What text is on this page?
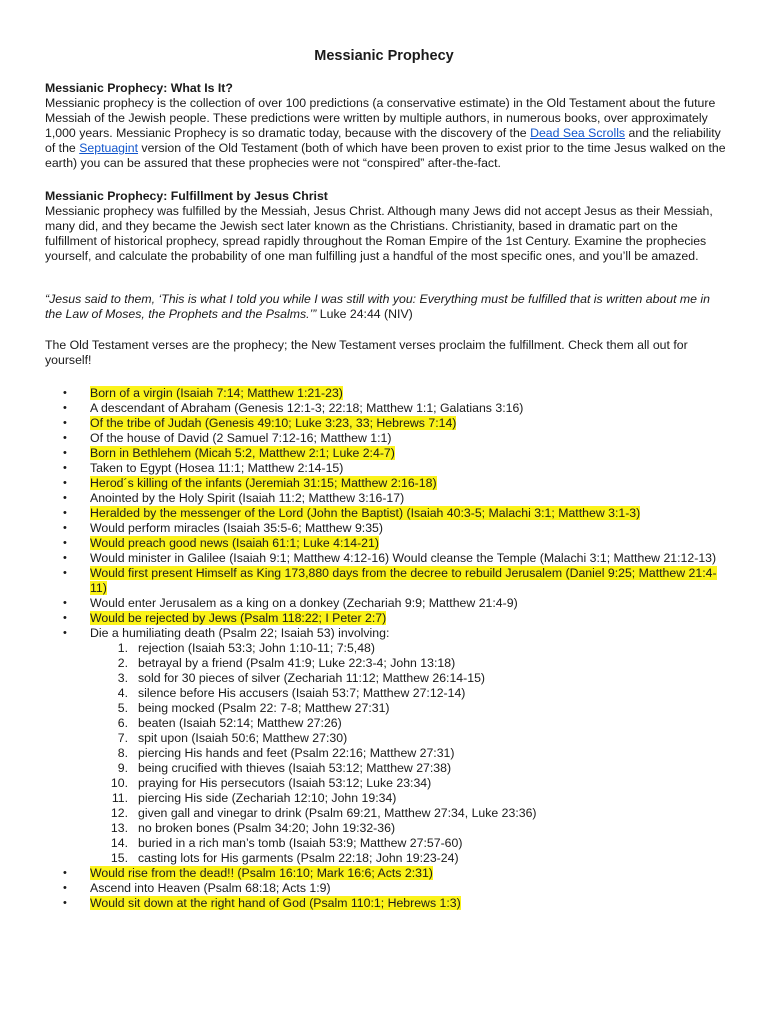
Messianic Prophecy
Messianic Prophecy: What Is It?

Messianic prophecy is the collection of over 100 predictions (a conservative estimate) in the Old Testament about the future Messiah of the Jewish people. These predictions were written by multiple authors, in numerous books, over approximately 1,000 years. Messianic Prophecy is so dramatic today, because with the discovery of the Dead Sea Scrolls and the reliability of the Septuagint version of the Old Testament (both of which have been proven to exist prior to the time Jesus walked on the earth) you can be assured that these prophecies were not “conspired” after-the-fact.

Messianic Prophecy: Fulfillment by Jesus Christ

Messianic prophecy was fulfilled by the Messiah, Jesus Christ. Although many Jews did not accept Jesus as their Messiah, many did, and they became the Jewish sect later known as the Christians. Christianity, based in dramatic part on the fulfillment of historical prophecy, spread rapidly throughout the Roman Empire of the 1st Century. Examine the prophecies yourself, and calculate the probability of one man fulfilling just a handful of the most specific ones, and you’ll be amazed.

“Jesus said to them, ‘This is what I told you while I was still with you: Everything must be fulfilled that is written about me in the Law of Moses, the Prophets and the Psalms.’” Luke 24:44 (NIV)

The Old Testament verses are the prophecy; the New Testament verses proclaim the fulfillment. Check them all out for yourself!

• Born of a virgin (Isaiah 7:14; Matthew 1:21-23)
• A descendant of Abraham (Genesis 12:1-3; 22:18; Matthew 1:1; Galatians 3:16)
• Of the tribe of Judah (Genesis 49:10; Luke 3:23, 33; Hebrews 7:14)
• Of the house of David (2 Samuel 7:12-16; Matthew 1:1)
• Born in Bethlehem (Micah 5:2, Matthew 2:1; Luke 2:4-7)
• Taken to Egypt (Hosea 11:1; Matthew 2:14-15)
• Herod´s killing of the infants (Jeremiah 31:15; Matthew 2:16-18)
• Anointed by the Holy Spirit (Isaiah 11:2; Matthew 3:16-17)
• Heralded by the messenger of the Lord (John the Baptist) (Isaiah 40:3-5; Malachi 3:1; Matthew 3:1-3)
• Would perform miracles (Isaiah 35:5-6; Matthew 9:35)
• Would preach good news (Isaiah 61:1; Luke 4:14-21)
• Would minister in Galilee (Isaiah 9:1; Matthew 4:12-16) Would cleanse the Temple (Malachi 3:1; Matthew 21:12-13)
• Would first present Himself as King 173,880 days from the decree to rebuild Jerusalem (Daniel 9:25; Matthew 21:4-11)
• Would enter Jerusalem as a king on a donkey (Zechariah 9:9; Matthew 21:4-9)
• Would be rejected by Jews (Psalm 118:22; I Peter 2:7)
• Die a humiliating death (Psalm 22; Isaiah 53) involving:
1. rejection (Isaiah 53:3; John 1:10-11; 7:5,48)
2. betrayal by a friend (Psalm 41:9; Luke 22:3-4; John 13:18)
3. sold for 30 pieces of silver (Zechariah 11:12; Matthew 26:14-15)
4. silence before His accusers (Isaiah 53:7; Matthew 27:12-14)
5. being mocked (Psalm 22: 7-8; Matthew 27:31)
6. beaten (Isaiah 52:14; Matthew 27:26)
7. spit upon (Isaiah 50:6; Matthew 27:30)
8. piercing His hands and feet (Psalm 22:16; Matthew 27:31)
9. being crucified with thieves (Isaiah 53:12; Matthew 27:38)
10. praying for His persecutors (Isaiah 53:12; Luke 23:34)
11. piercing His side (Zechariah 12:10; John 19:34)
12. given gall and vinegar to drink (Psalm 69:21, Matthew 27:34, Luke 23:36)
13. no broken bones (Psalm 34:20; John 19:32-36)
14. buried in a rich man’s tomb (Isaiah 53:9; Matthew 27:57-60)
15. casting lots for His garments (Psalm 22:18; John 19:23-24)
• Would rise from the dead!! (Psalm 16:10; Mark 16:6; Acts 2:31)
• Ascend into Heaven (Psalm 68:18; Acts 1:9)
• Would sit down at the right hand of God (Psalm 110:1; Hebrews 1:3)
